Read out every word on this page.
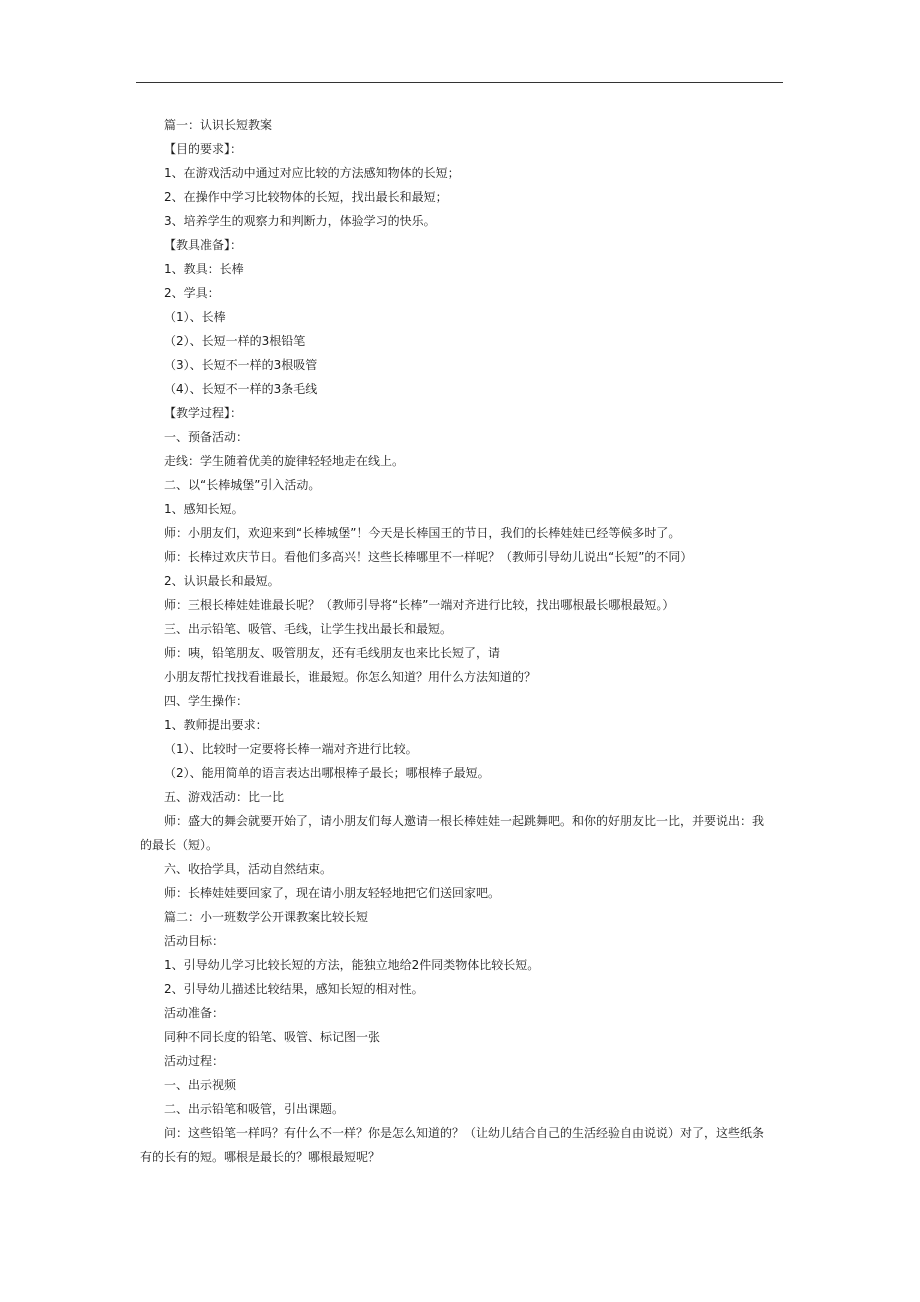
篇一：认识长短教案
【目的要求】：
1、在游戏活动中通过对应比较的方法感知物体的长短；
2、在操作中学习比较物体的长短，找出最长和最短；
3、培养学生的观察力和判断力，体验学习的快乐。
【教具准备】：
1、教具：长棒
2、学具：
（1）、长棒
（2）、长短一样的3根铅笔
（3）、长短不一样的3根吸管
（4）、长短不一样的3条毛线
【教学过程】：
一、预备活动：
走线：学生随着优美的旋律轻轻地走在线上。
二、以“长棒城堡”引入活动。
1、感知长短。
师：小朋友们，欢迎来到“长棒城堡”！今天是长棒国王的节日，我们的长棒娃娃已经等候多时了。
师：长棒过欢庆节日。看他们多高兴！这些长棒哪里不一样呢？（教师引导幼儿说出“长短”的不同）
2、认识最长和最短。
师：三根长棒娃娃谁最长呢？（教师引导将“长棒”一端对齐进行比较，找出哪根最长哪根最短。）
三、出示铅笔、吸管、毛线，让学生找出最长和最短。
师：咦，铅笔朋友、吸管朋友，还有毛线朋友也来比长短了，请
小朋友帮忙找找看谁最长，谁最短。你怎么知道？用什么方法知道的？
四、学生操作：
1、教师提出要求：
（1）、比较时一定要将长棒一端对齐进行比较。
（2）、能用简单的语言表达出哪根棒子最长；哪根棒子最短。
五、游戏活动：比一比
师：盛大的舞会就要开始了，请小朋友们每人邀请一根长棒娃娃一起跳舞吧。和你的好朋友比一比，并要说出：我
的最长（短）。
六、收拾学具，活动自然结束。
师：长棒娃娃要回家了，现在请小朋友轻轻地把它们送回家吧。
篇二：小一班数学公开课教案比较长短
活动目标：
1、引导幼儿学习比较长短的方法，能独立地给2件同类物体比较长短。
2、引导幼儿描述比较结果，感知长短的相对性。
活动准备：
同种不同长度的铅笔、吸管、标记图一张
活动过程：
一、出示视频
二、出示铅笔和吸管，引出课题。
问：这些铅笔一样吗？有什么不一样？你是怎么知道的？（让幼儿结合自己的生活经验自由说说）对了，这些纸条
有的长有的短。哪根是最长的？哪根最短呢？
